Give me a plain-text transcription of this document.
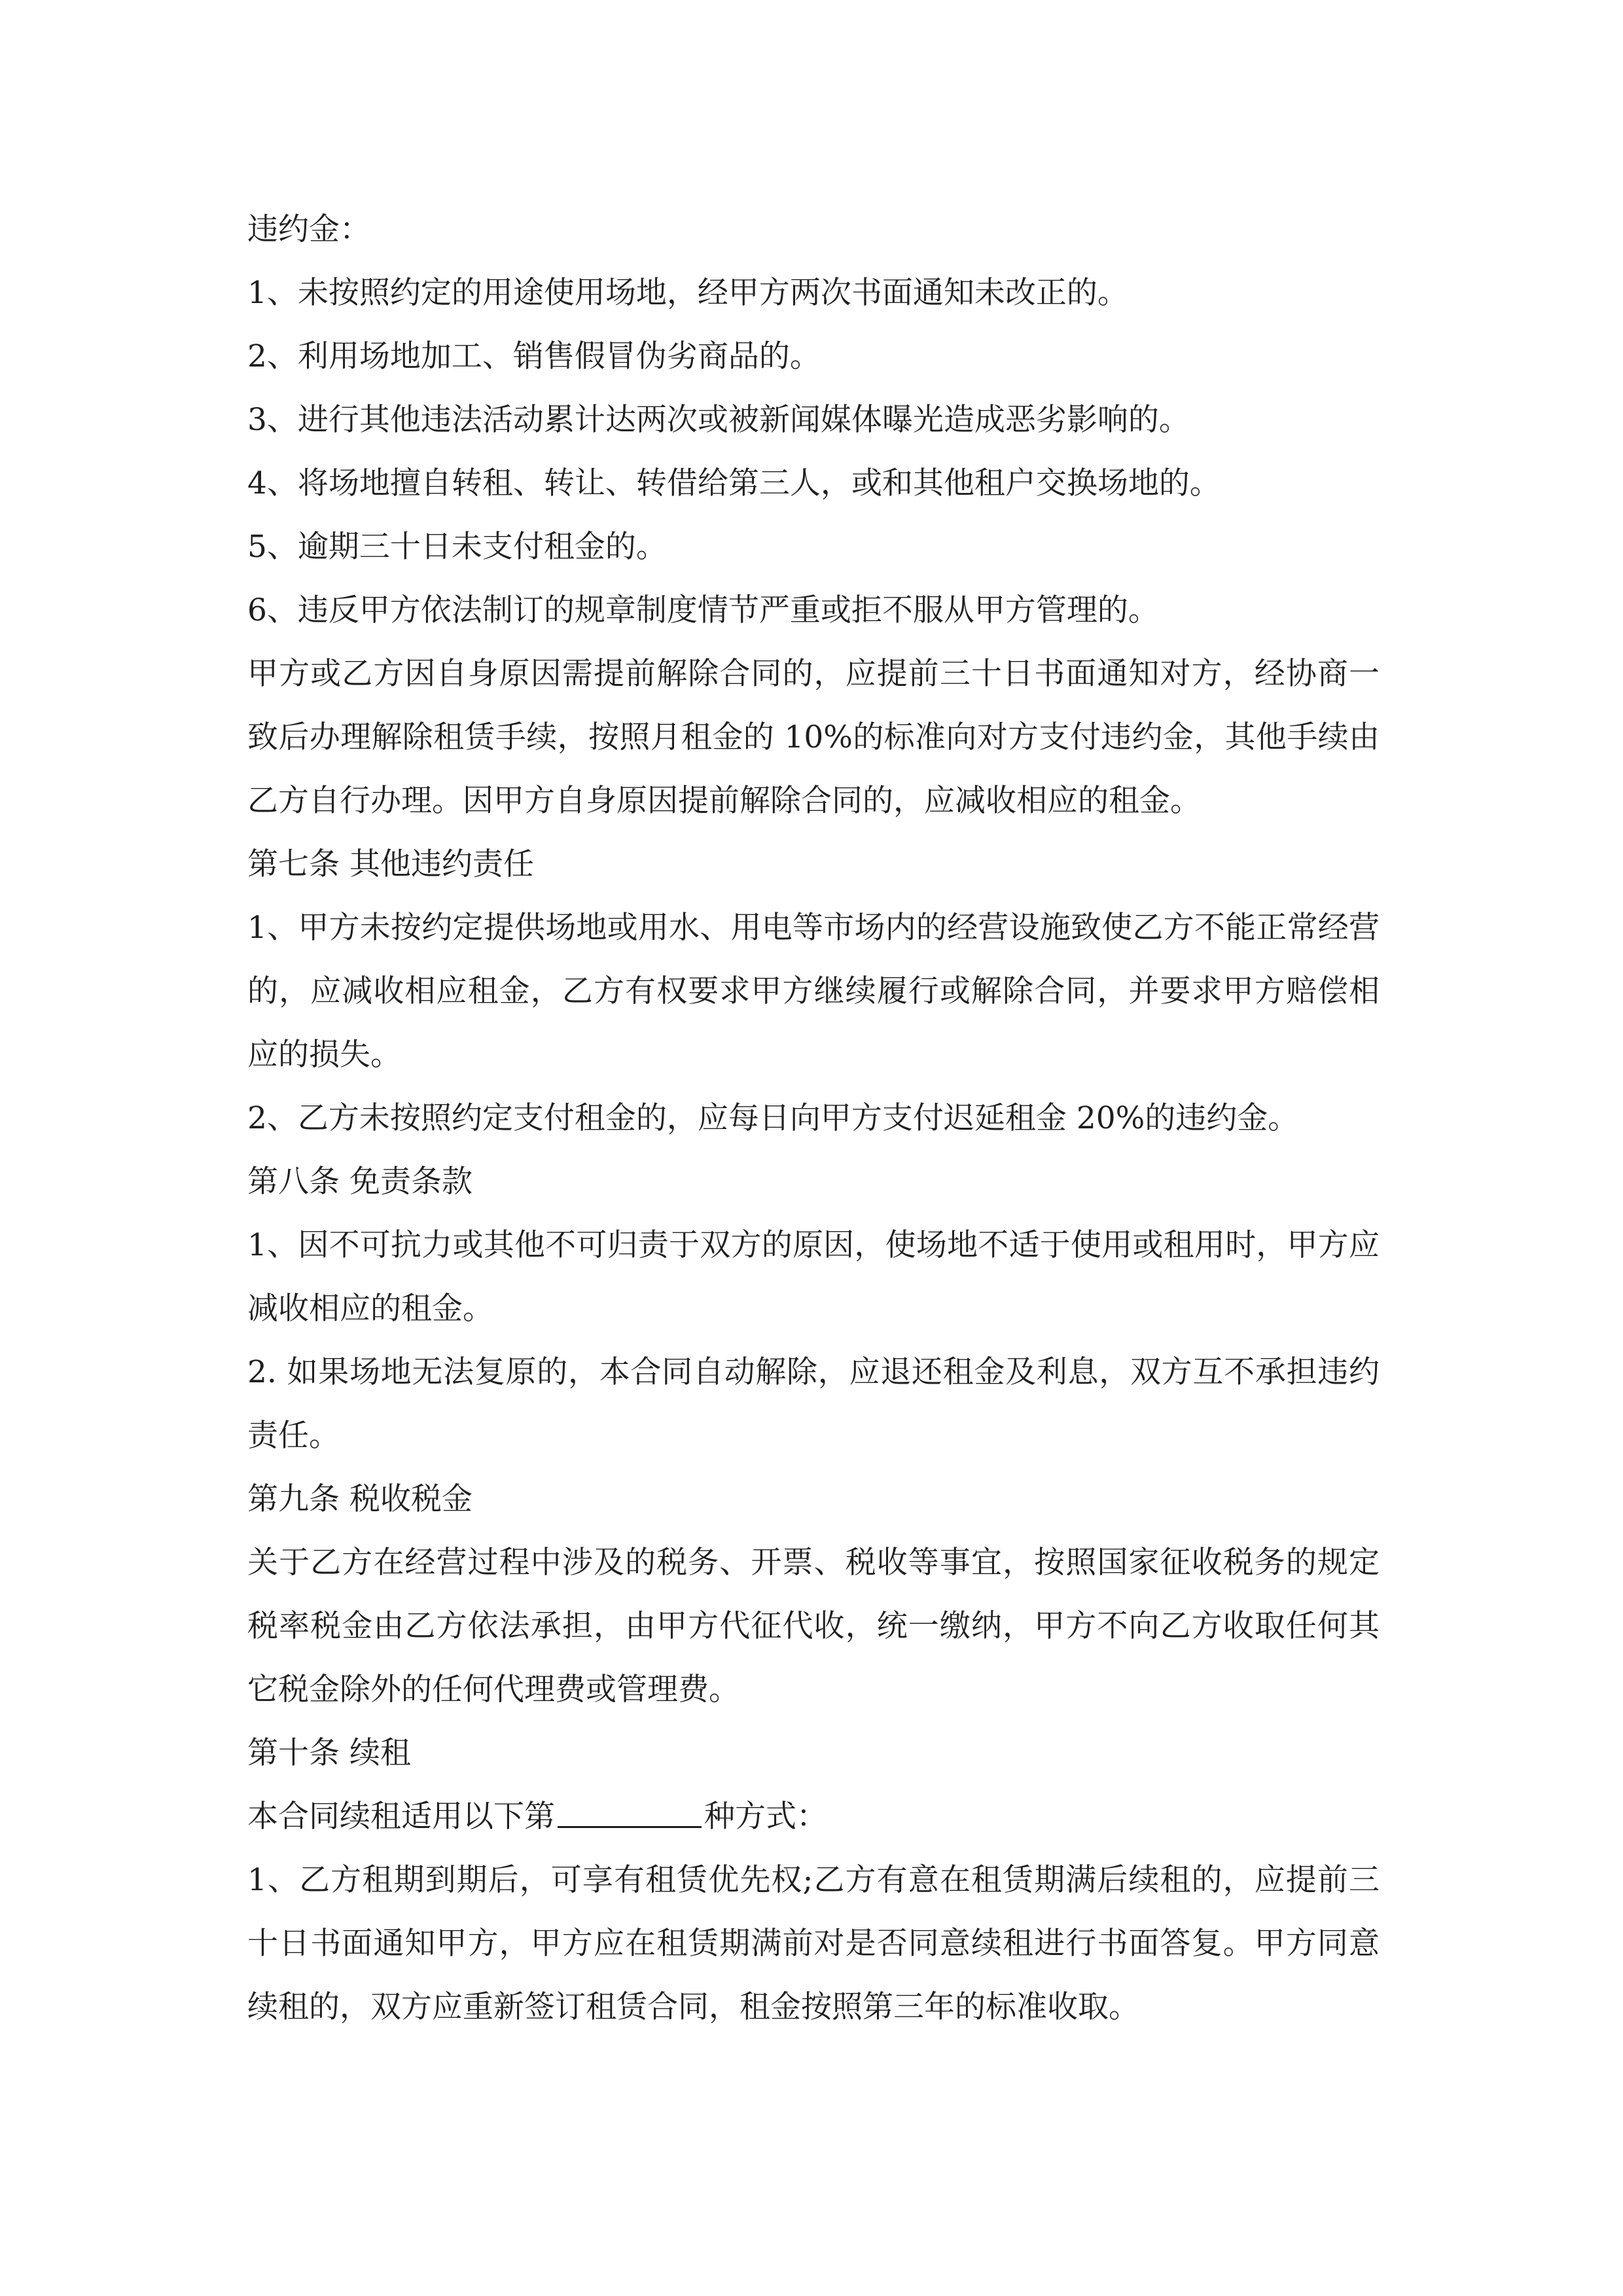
违约金：

1、未按照约定的用途使用场地，经甲方两次书面通知未改正的。

2、利用场地加工、销售假冒伪劣商品的。

3、进行其他违法活动累计达两次或被新闻媒体曝光造成恶劣影响的。

4、将场地擅自转租、转让、转借给第三人，或和其他租户交换场地的。

5、逾期三十日未支付租金的。

6、违反甲方依法制订的规章制度情节严重或拒不服从甲方管理的。

甲方或乙方因自身原因需提前解除合同的，应提前三十日书面通知对方，经协商一致后办理解除租赁手续，按照月租金的 10%的标准向对方支付违约金，其他手续由乙方自行办理。因甲方自身原因提前解除合同的，应减收相应的租金。

第七条 其他违约责任

1、甲方未按约定提供场地或用水、用电等市场内的经营设施致使乙方不能正常经营的，应减收相应租金，乙方有权要求甲方继续履行或解除合同，并要求甲方赔偿相应的损失。

2、乙方未按照约定支付租金的，应每日向甲方支付迟延租金 20%的违约金。

第八条 免责条款

1、因不可抗力或其他不可归责于双方的原因，使场地不适于使用或租用时，甲方应减收相应的租金。

2. 如果场地无法复原的，本合同自动解除，应退还租金及利息，双方互不承担违约责任。

第九条 税收税金

关于乙方在经营过程中涉及的税务、开票、税收等事宜，按照国家征收税务的规定税率税金由乙方依法承担，由甲方代征代收，统一缴纳，甲方不向乙方收取任何其它税金除外的任何代理费或管理费。

第十条 续租

本合同续租适用以下第	种方式：

1、乙方租期到期后，可享有租赁优先权;乙方有意在租赁期满后续租的，应提前三十日书面通知甲方，甲方应在租赁期满前对是否同意续租进行书面答复。甲方同意续租的，双方应重新签订租赁合同，租金按照第三年的标准收取。
